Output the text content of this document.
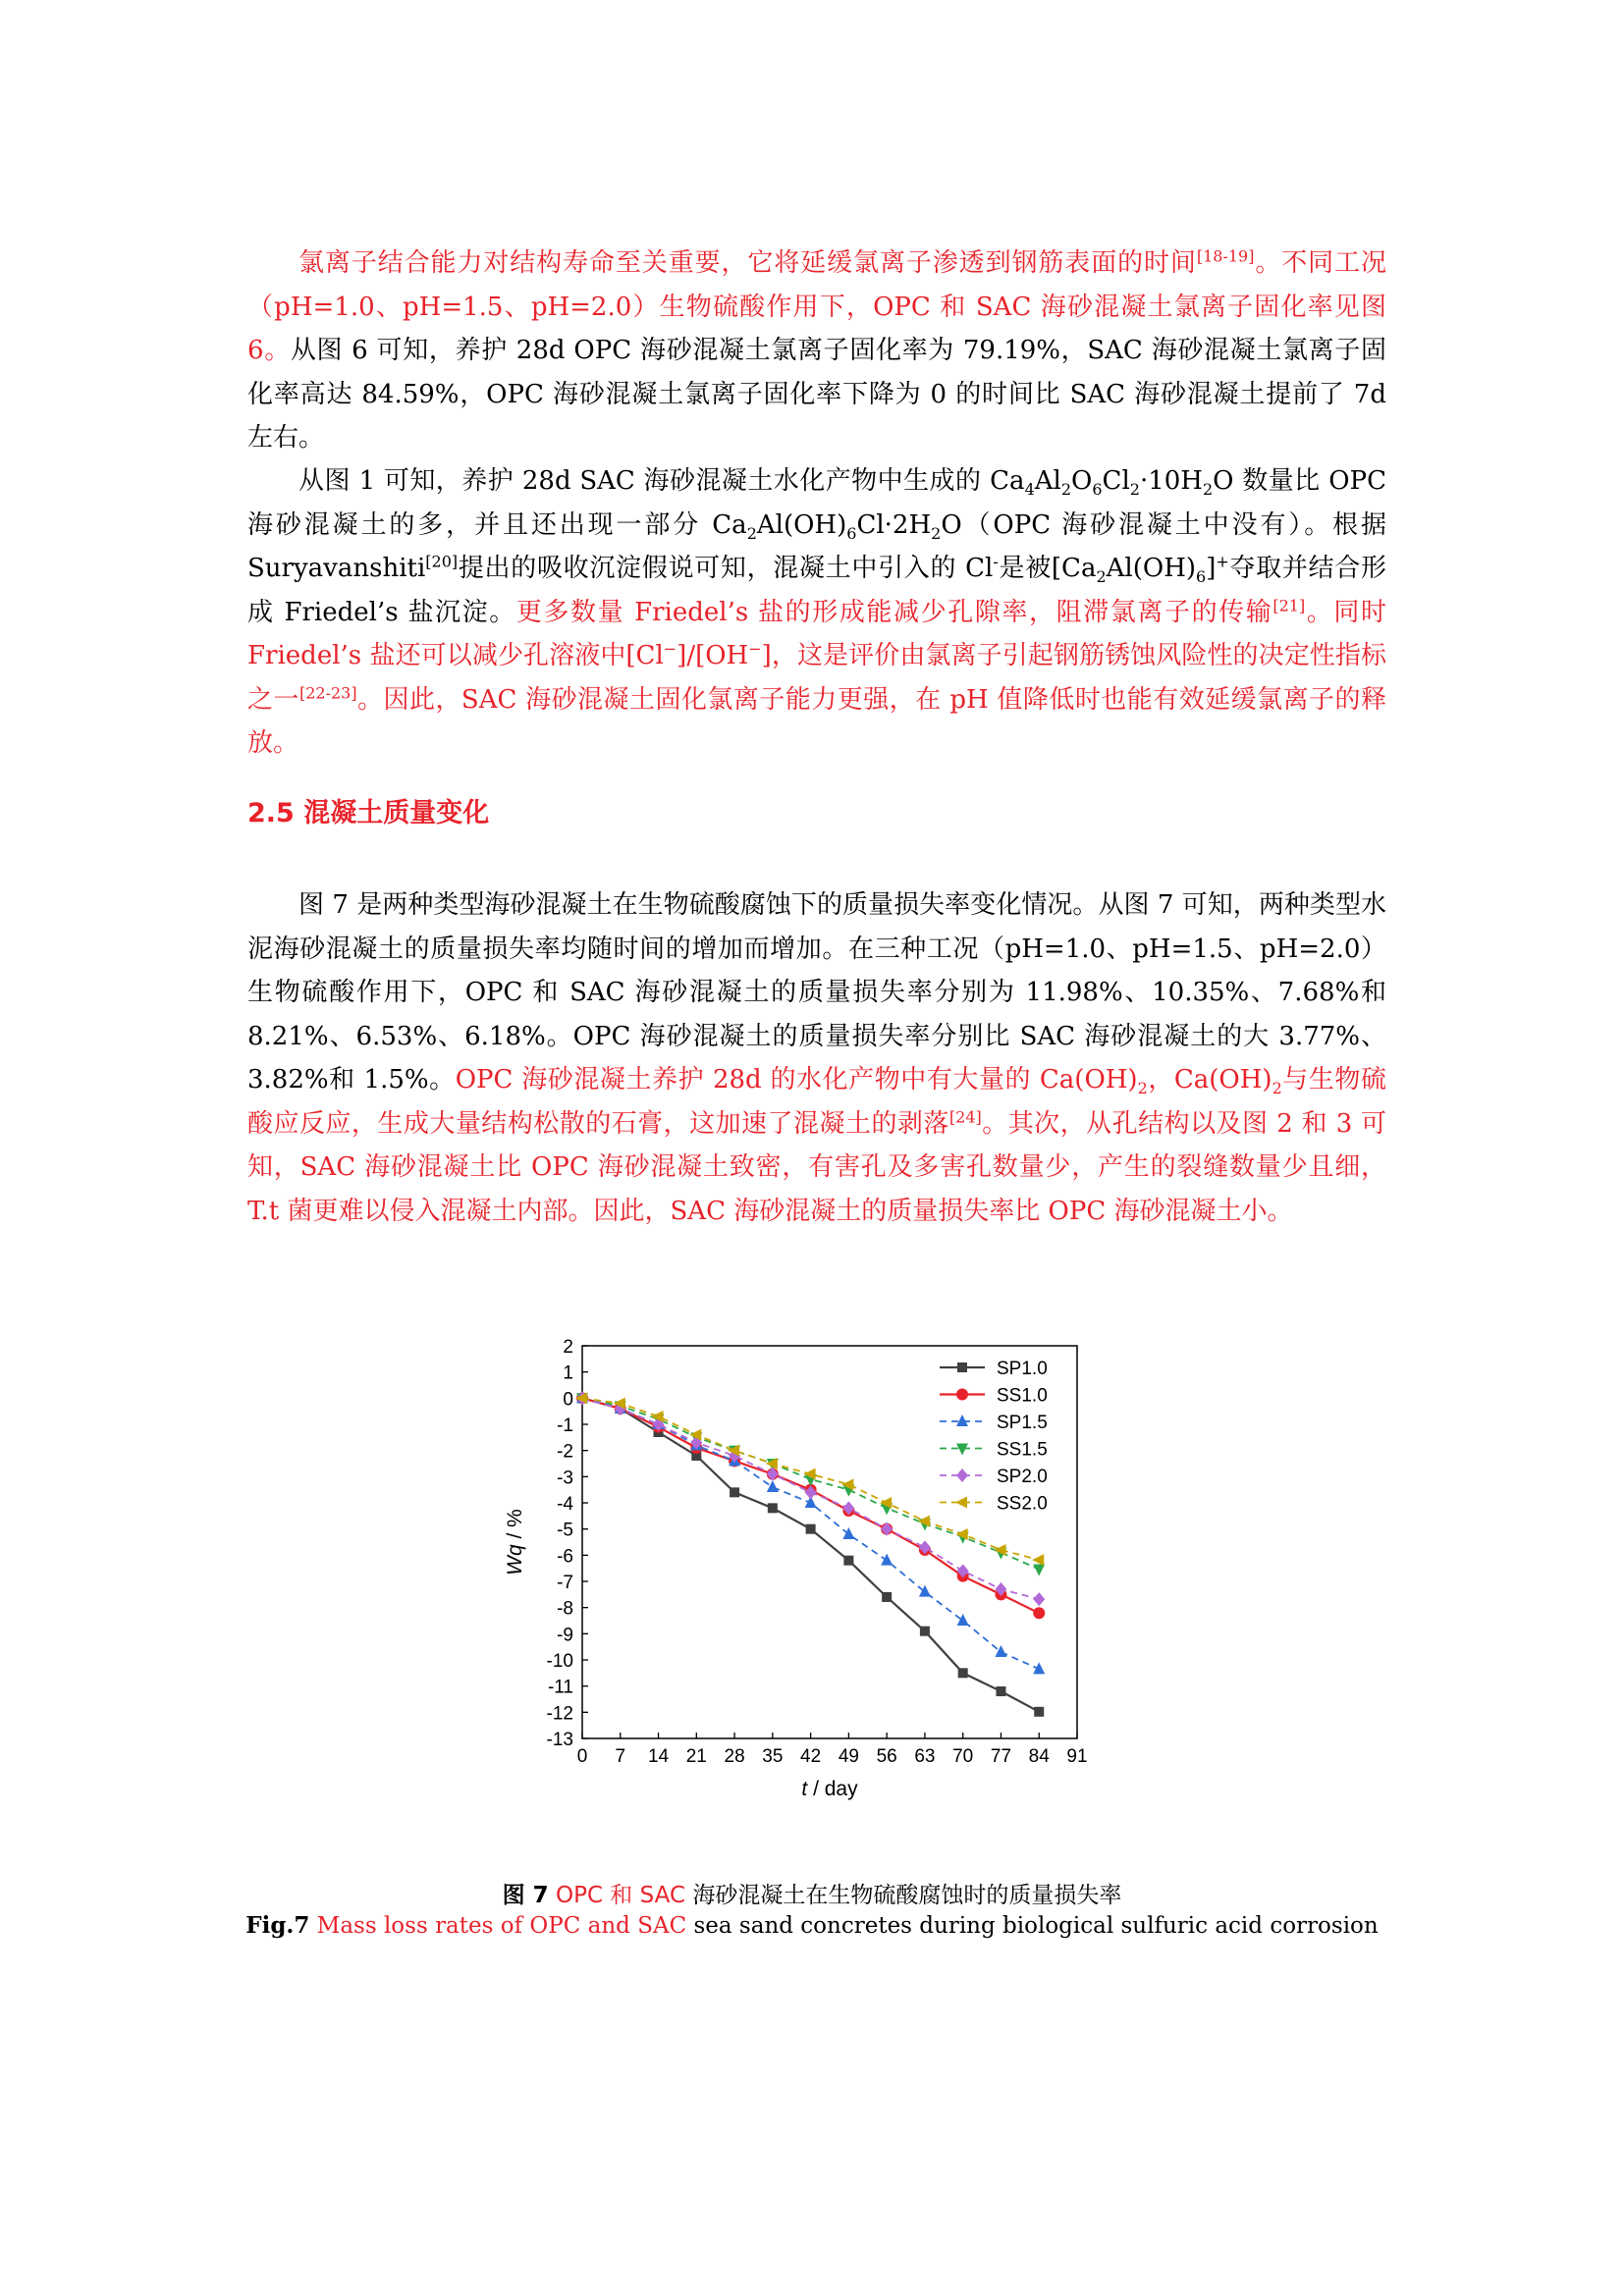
氯离子结合能力对结构寿命至关重要，它将延缓氯离子渗透到钢筋表面的时间[18-19]。不同工况（pH=1.0、pH=1.5、pH=2.0）生物硫酸作用下，OPC 和 SAC 海砂混凝土氯离子固化率见图 6。从图 6 可知，养护 28d OPC 海砂混凝土氯离子固化率为 79.19%，SAC 海砂混凝土氯离子固化率高达 84.59%，OPC 海砂混凝土氯离子固化率下降为 0 的时间比 SAC 海砂混凝土提前了 7d 左右。

从图 1 可知，养护 28d SAC 海砂混凝土水化产物中生成的 $Ca_4Al_2O_6Cl_2\cdot 10H_2O$ 数量比 OPC 海砂混凝土的多，并且还出现一部分 $Ca_2Al(OH)_6Cl\cdot 2H_2O(OPC$ 海砂混凝土中没有）。根据 Suryavanshiti[20]提出的吸收沉淀假说可知，混凝土中引入的 Cl-是被$[Ca_2Al(OH)_6]^+$夺取并结合形成 Friedel’s 盐沉淀。更多数量 Friedel’s 盐的形成能减少孔隙率，阻滞氯离子的传输[21]。同时 Friedel’s 盐还可以减少孔溶液中[Cl−]/[OH−]，这是评价由氯离子引起钢筋锈蚀风险性的决定性指标之一[22-23]。因此，SAC 海砂混凝土固化氯离子能力更强，在 pH 值降低时也能有效延缓氯离子的释放。

2.5 混凝土质量变化

图 7 是两种类型海砂混凝土在生物硫酸腐蚀下的质量损失率变化情况。从图 7 可知，两种类型水泥海砂混凝土的质量损失率均随时间的增加而增加。在三种工况（pH=1.0、pH=1.5、pH=2.0）生物硫酸作用下，OPC 和 SAC 海砂混凝土的质量损失率分别为 11.98%、10.35%、7.68%和 8.21%、6.53%、6.18%。OPC 海砂混凝土的质量损失率分别比 SAC 海砂混凝土的大 3.77%、3.82%和 1.5%。OPC 海砂混凝土养护 28d 的水化产物中有大量的 $Ca(OH)_2$，$Ca(OH)_2$与生物硫酸应反应，生成大量结构松散的石膏，这加速了混凝土的剥落[24]。其次，从孔结构以及图 2 和 3 可知，SAC 海砂混凝土比 OPC 海砂混凝土致密，有害孔及多害孔数量少，产生的裂缝数量少且细，T.t 菌更难以侵入混凝土内部。因此，SAC 海砂混凝土的质量损失率比 OPC 海砂混凝土小。

0 7 14 21 28 35 42 49 56 63 70 77 84 91
2
1
0
-1
-2
-3
-4
-5
-6
-7
-8
-9
-10
-11
-12
-13
t / day
Wq / %
SP1.0
SS1.0
SP1.5
SS1.5
SP2.0
SS2.0
图 7 OPC 和 SAC 海砂混凝土在生物硫酸腐蚀时的质量损失率
Fig.7 Mass loss rates of OPC and SAC sea sand concretes during biological sulfuric acid corrosion
